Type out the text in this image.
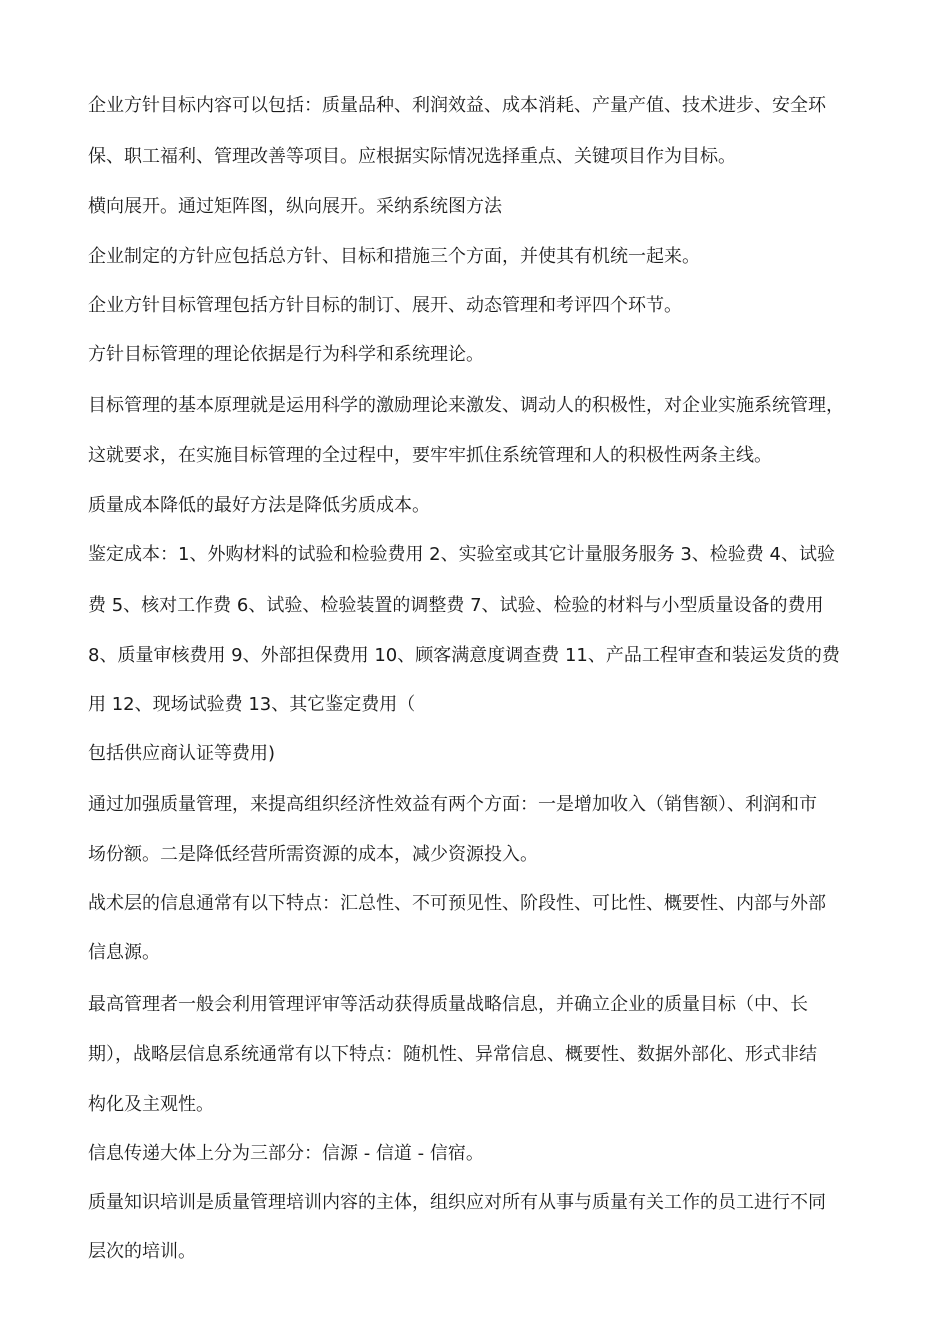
企业方针目标内容可以包括：质量品种、利润效益、成本消耗、产量产值、技术进步、安全环
保、职工福利、管理改善等项目。应根据实际情况选择重点、关键项目作为目标。
横向展开。通过矩阵图，纵向展开。采纳系统图方法
企业制定的方针应包括总方针、目标和措施三个方面，并使其有机统一起来。
企业方针目标管理包括方针目标的制订、展开、动态管理和考评四个环节。
方针目标管理的理论依据是行为科学和系统理论。
目标管理的基本原理就是运用科学的激励理论来激发、调动人的积极性，对企业实施系统管理，
这就要求，在实施目标管理的全过程中，要牢牢抓住系统管理和人的积极性两条主线。
质量成本降低的最好方法是降低劣质成本。
鉴定成本：1、外购材料的试验和检验费用 2、实验室或其它计量服务服务 3、检验费 4、试验
费 5、核对工作费 6、试验、检验装置的调整费 7、试验、检验的材料与小型质量设备的费用
8、质量审核费用 9、外部担保费用 10、顾客满意度调查费 11、产品工程审查和装运发货的费
用 12、现场试验费 13、其它鉴定费用（
包括供应商认证等费用)
通过加强质量管理，来提高组织经济性效益有两个方面：一是增加收入（销售额）、利润和市
场份额。二是降低经营所需资源的成本，减少资源投入。
战术层的信息通常有以下特点：汇总性、不可预见性、阶段性、可比性、概要性、内部与外部
信息源。
最高管理者一般会利用管理评审等活动获得质量战略信息，并确立企业的质量目标（中、长
期），战略层信息系统通常有以下特点：随机性、异常信息、概要性、数据外部化、形式非结
构化及主观性。
信息传递大体上分为三部分：信源 - 信道 - 信宿。
质量知识培训是质量管理培训内容的主体，组织应对所有从事与质量有关工作的员工进行不同
层次的培训。
